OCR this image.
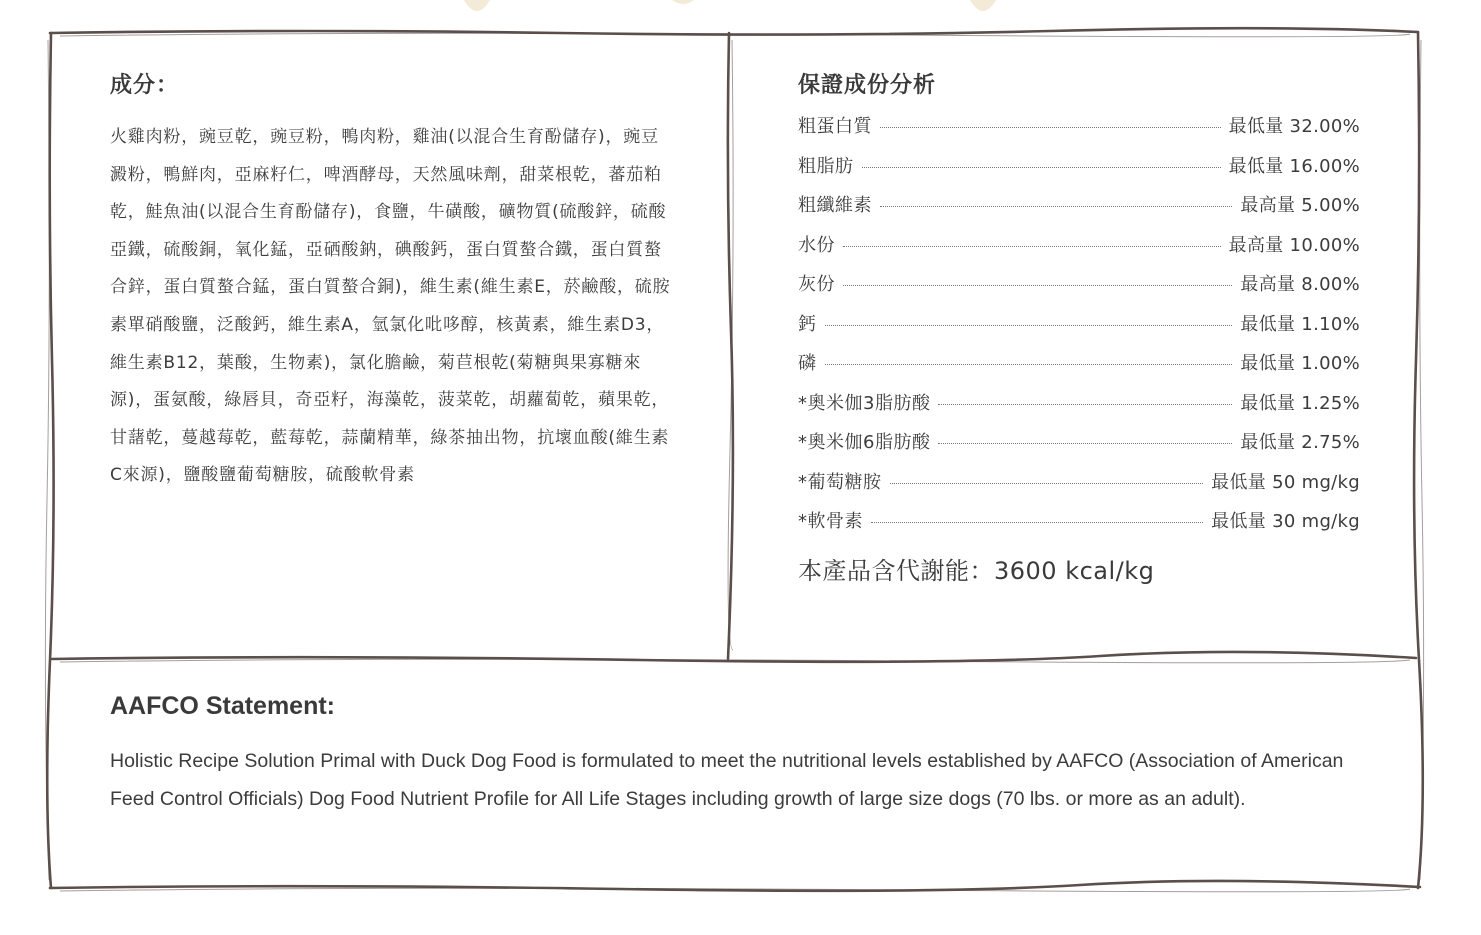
成分：

火雞肉粉，豌豆乾，豌豆粉，鴨肉粉，雞油(以混合生育酚儲存)，豌豆澱粉，鴨鮮肉，亞麻籽仁，啤酒酵母，天然風味劑，甜菜根乾，蕃茄粕乾，鮭魚油(以混合生育酚儲存)，食鹽，牛磺酸，礦物質(硫酸鋅，硫酸亞鐵，硫酸銅，氧化錳，亞硒酸鈉，碘酸鈣，蛋白質螯合鐵，蛋白質螯合鋅，蛋白質螯合錳，蛋白質螯合銅)，維生素(維生素E，菸鹼酸，硫胺素單硝酸鹽，泛酸鈣，維生素A，氫氯化吡哆醇，核黃素，維生素D3，維生素B12，葉酸，生物素)，氯化膽鹼，菊苣根乾(菊糖與果寡糖來源)，蛋氨酸，綠唇貝，奇亞籽，海藻乾，菠菜乾，胡蘿蔔乾，蘋果乾，甘藷乾，蔓越莓乾，藍莓乾，蒜蘭精華，綠茶抽出物，抗壞血酸(維生素C來源)，鹽酸鹽葡萄糖胺，硫酸軟骨素

保證成份分析
粗蛋白質	最低量 32.00%
粗脂肪	最低量 16.00%
粗纖維素	最高量 5.00%
水份	最高量 10.00%
灰份	最高量 8.00%
鈣	最低量 1.10%
磷	最低量 1.00%
*奧米伽3脂肪酸	最低量 1.25%
*奧米伽6脂肪酸	最低量 2.75%
*葡萄糖胺	最低量 50 mg/kg
*軟骨素	最低量 30 mg/kg

本產品含代謝能：3600 kcal/kg

AAFCO Statement:

Holistic Recipe Solution Primal with Duck Dog Food is formulated to meet the nutritional levels established by AAFCO (Association of American Feed Control Officials) Dog Food Nutrient Profile for All Life Stages including growth of large size dogs (70 lbs. or more as an adult).
